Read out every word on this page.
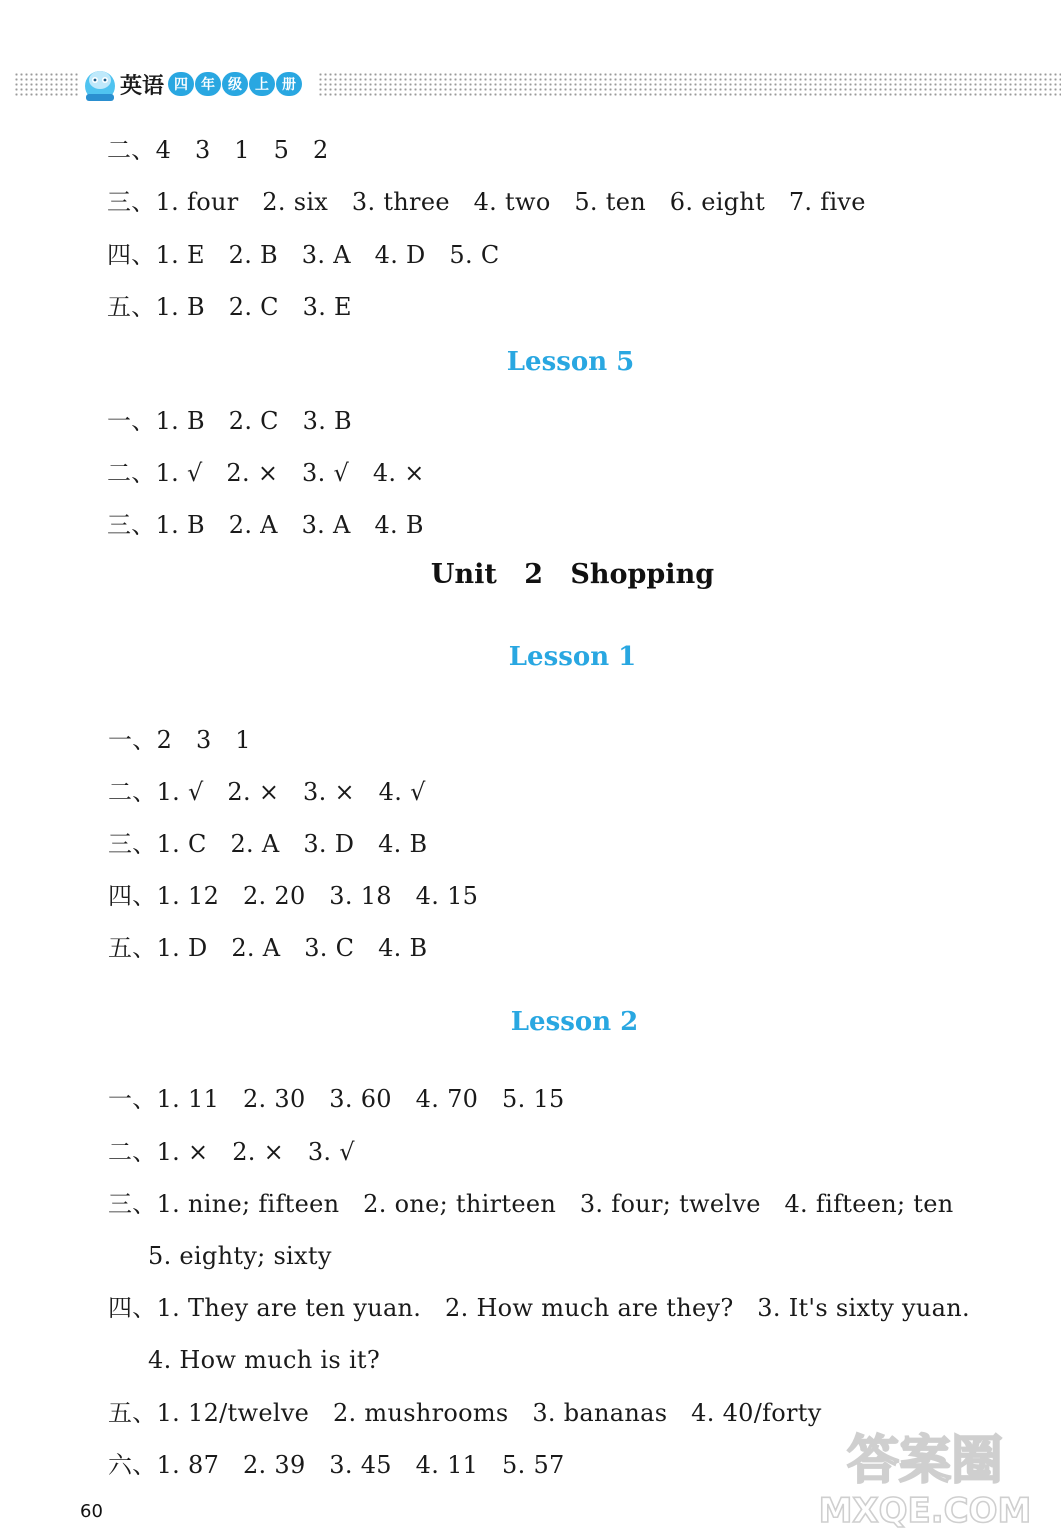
英语 四 年 级 上 册
二、4   3   1   5   2
三、1. four   2. six   3. three   4. two   5. ten   6. eight   7. five
四、1. E   2. B   3. A   4. D   5. C
五、1. B   2. C   3. E
Lesson 5
一、1. B   2. C   3. B
二、1. √   2. ×   3. √   4. ×
三、1. B   2. A   3. A   4. B
Unit 2 Shopping
Lesson 1
一、2   3   1
二、1. √   2. ×   3. ×   4. √
三、1. C   2. A   3. D   4. B
四、1. 12   2. 20   3. 18   4. 15
五、1. D   2. A   3. C   4. B
Lesson 2
一、1. 11   2. 30   3. 60   4. 70   5. 15
二、1. ×   2. ×   3. √
三、1. nine; fifteen   2. one; thirteen   3. four; twelve   4. fifteen; ten
5. eighty; sixty
四、1. They are ten yuan.   2. How much are they?   3. It's sixty yuan.
4. How much is it?
五、1. 12/twelve   2. mushrooms   3. bananas   4. 40/forty
六、1. 87   2. 39   3. 45   4. 11   5. 57
60
答案圈
MXQE.COM
